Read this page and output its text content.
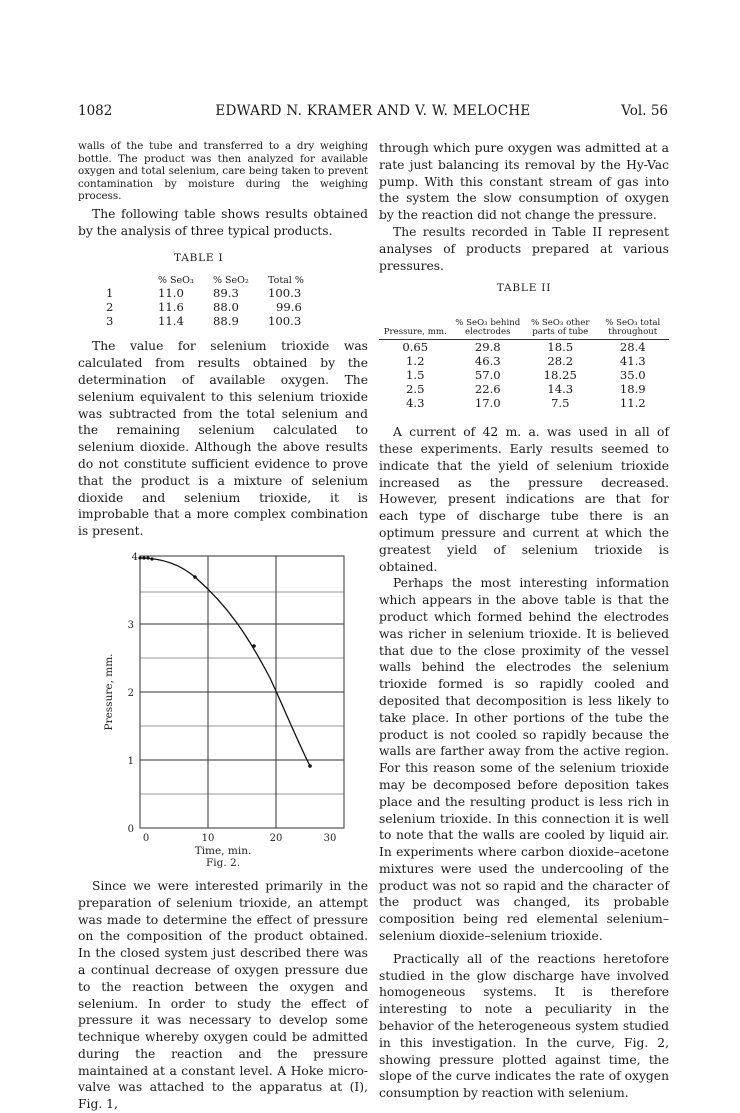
1082	EDWARD N. KRAMER AND V. W. MELOCHE	Vol. 56

walls of the tube and transferred to a dry weighing bottle. The product was then analyzed for available oxygen and total selenium, care being taken to prevent contamination by moisture during the weighing process.

The following table shows results obtained by the analysis of three typical products.

TABLE I

	% SeO₃	% SeO₂	Total %
1	11.0	89.3	100.3
2	11.6	88.0	99.6
3	11.4	88.9	100.3

The value for selenium trioxide was calculated from results obtained by the determination of available oxygen. The selenium equivalent to this selenium trioxide was subtracted from the total selenium and the remaining selenium calculated to selenium dioxide. Although the above results do not constitute sufficient evidence to prove that the product is a mixture of selenium dioxide and selenium trioxide, it is improbable that a more complex combination is present.

0
1
2
3
4
0	10	20	30
Pressure, mm.
Time, min.
Fig. 2.

Since we were interested primarily in the preparation of selenium trioxide, an attempt was made to determine the effect of pressure on the composition of the product obtained. In the closed system just described there was a continual decrease of oxygen pressure due to the reaction between the oxygen and selenium. In order to study the effect of pressure it was necessary to develop some technique whereby oxygen could be admitted during the reaction and the pressure maintained at a constant level. A Hoke micro-valve was attached to the apparatus at (I), Fig. 1,

through which pure oxygen was admitted at a rate just balancing its removal by the Hy-Vac pump. With this constant stream of gas into the system the slow consumption of oxygen by the reaction did not change the pressure.

The results recorded in Table II represent analyses of products prepared at various pressures.

TABLE II

Pressure, mm.	% SeO₃ behind electrodes	% SeO₃ other parts of tube	% SeO₃ total throughout
0.65	29.8	18.5	28.4
1.2	46.3	28.2	41.3
1.5	57.0	18.25	35.0
2.5	22.6	14.3	18.9
4.3	17.0	7.5	11.2

A current of 42 m. a. was used in all of these experiments. Early results seemed to indicate that the yield of selenium trioxide increased as the pressure decreased. However, present indications are that for each type of discharge tube there is an optimum pressure and current at which the greatest yield of selenium trioxide is obtained.

Perhaps the most interesting information which appears in the above table is that the product which formed behind the electrodes was richer in selenium trioxide. It is believed that due to the close proximity of the vessel walls behind the electrodes the selenium trioxide formed is so rapidly cooled and deposited that decomposition is less likely to take place. In other portions of the tube the product is not cooled so rapidly because the walls are farther away from the active region. For this reason some of the selenium trioxide may be decomposed before deposition takes place and the resulting product is less rich in selenium trioxide. In this connection it is well to note that the walls are cooled by liquid air. In experiments where carbon dioxide–acetone mixtures were used the undercooling of the product was not so rapid and the character of the product was changed, its probable composition being red elemental selenium–selenium dioxide–selenium trioxide.

Practically all of the reactions heretofore studied in the glow discharge have involved homogeneous systems. It is therefore interesting to note a peculiarity in the behavior of the heterogeneous system studied in this investigation. In the curve, Fig. 2, showing pressure plotted against time, the slope of the curve indicates the rate of oxygen consumption by reaction with selenium.
